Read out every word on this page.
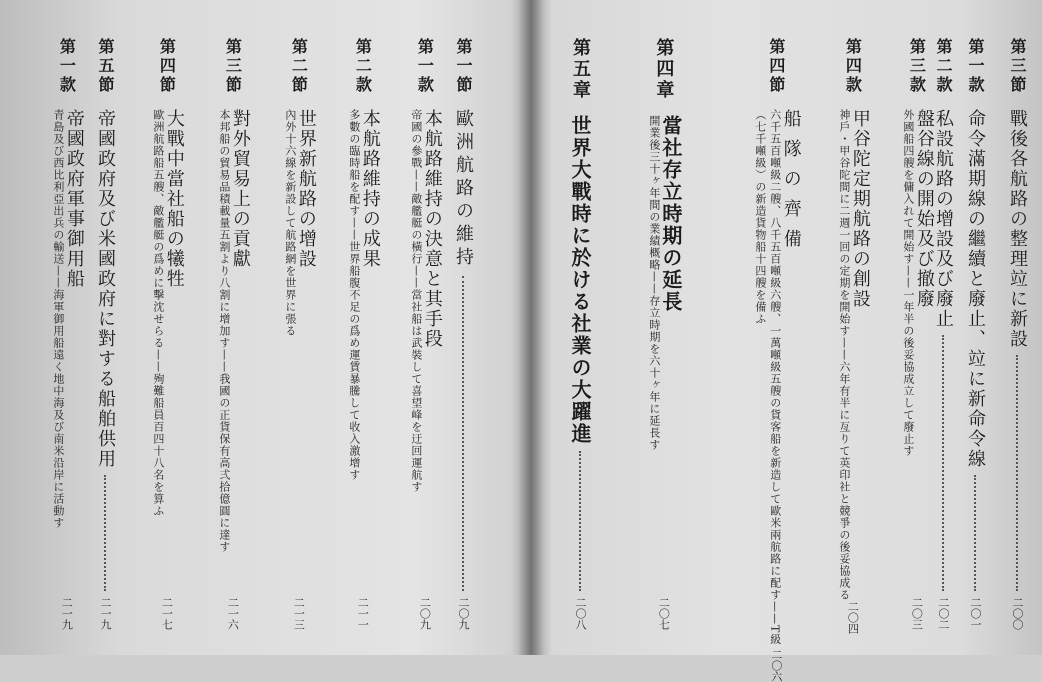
第三節
戰後各航路の整理竝に新設
二〇〇
第一款
命令滿期線の繼續と廢止、竝に新命令線
二〇一
第二款
私設航路の增設及び廢止
二〇二
第三款
盤谷線の開始及び撤廢
外國船四艘を傭入れて開始す——一年半の後妥協成立して廢止す
二〇三
第四款
甲谷陀定期航路の創設
神戶・甲谷陀間に二週一回の定期を開始す——六年有半に亙りて英印社と競爭の後妥協成る
二〇四
第四節
船隊の齊備
六千五百噸級二艘、八千五百噸級六艘、一萬噸級五艘の貨客船を新造して歐米兩航路に配す——T級（七千噸級）の新造貨物船十四艘を備ふ
二〇六
第四章
當社存立時期の延長
開業後三十ヶ年間の業績概略——存立時期を六十ヶ年に延長す
二〇七
第五章
世界大戰時に於ける社業の大躍進
二〇八
第一節
歐洲航路の維持
二〇九
第一款
本航路維持の決意と其手段
帝國の參戰——敵艦艇の橫行——當社船は武裝して喜望峰を迂回運航す
二〇九
第二款
本航路維持の成果
多數の臨時船を配す——世界船腹不足の爲め運賃暴騰して收入激增す
二一一
第二節
世界新航路の增設
內外十六線を新設して航路網を世界に張る
二一三
第三節
對外貿易上の貢獻
本邦船の貿易品積載量五割より八割に增加す——我國の正貨保有高弍拾億圓に達す
二一六
第四節
大戰中當社船の犧牲
歐洲航路船五艘、敵艦艇の爲めに擊沈せらる——殉難船員百四十八名を算ふ
二一七
第五節
帝國政府及び米國政府に對する船舶供用
二一九
第一款
帝國政府軍事御用船
青島及び西比利亞出兵の輸送——海軍御用船遠く地中海及び南米沿岸に活動す
二一九
